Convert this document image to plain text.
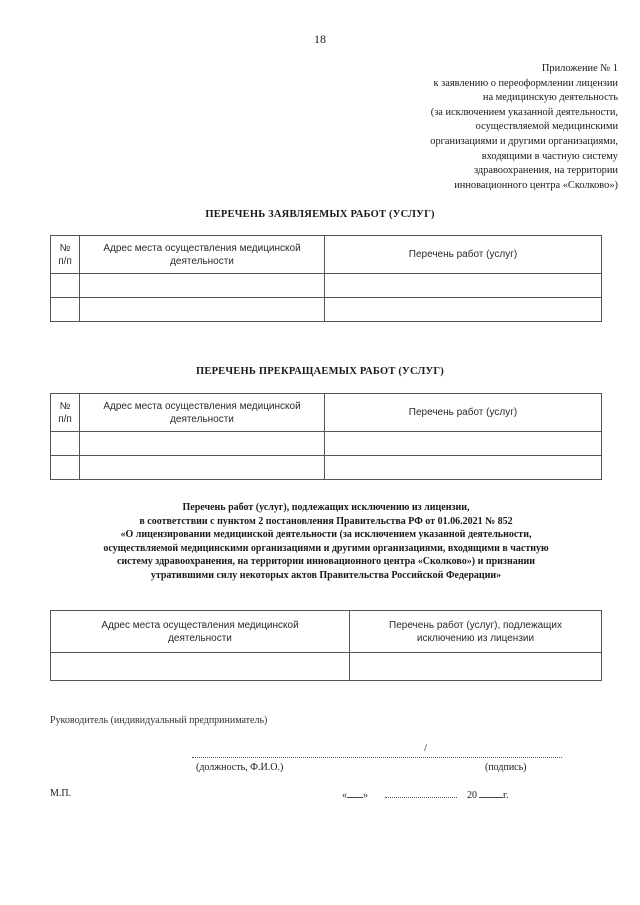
18
Приложение № 1
к заявлению о переоформлении лицензии
на медицинскую деятельность
(за исключением указанной деятельности,
осуществляемой медицинскими
организациями и другими организациями,
входящими в частную систему
здравоохранения, на территории
инновационного центра «Сколково»)
ПЕРЕЧЕНЬ ЗАЯВЛЯЕМЫХ РАБОТ (УСЛУГ)
№
п/п	Адрес места осуществления медицинской деятельности	Перечень работ (услуг)

ПЕРЕЧЕНЬ ПРЕКРАЩАЕМЫХ РАБОТ (УСЛУГ)
№
п/п	Адрес места осуществления медицинской деятельности	Перечень работ (услуг)

Перечень работ (услуг), подлежащих исключению из лицензии,
в соответствии с пунктом 2 постановления Правительства РФ от 01.06.2021 № 852
«О лицензировании медицинской деятельности (за исключением указанной деятельности,
осуществляемой медицинскими организациями и другими организациями, входящими в частную
систему здравоохранения, на территории инновационного центра «Сколково») и признании
утратившими силу некоторых актов Правительства Российской Федерации»
Адрес места осуществления медицинской деятельности	Перечень работ (услуг), подлежащих исключению из лицензии

Руководитель (индивидуальный предприниматель)
/
(должность, Ф.И.О.)	(подпись)
М.П.	« »	20	г.
